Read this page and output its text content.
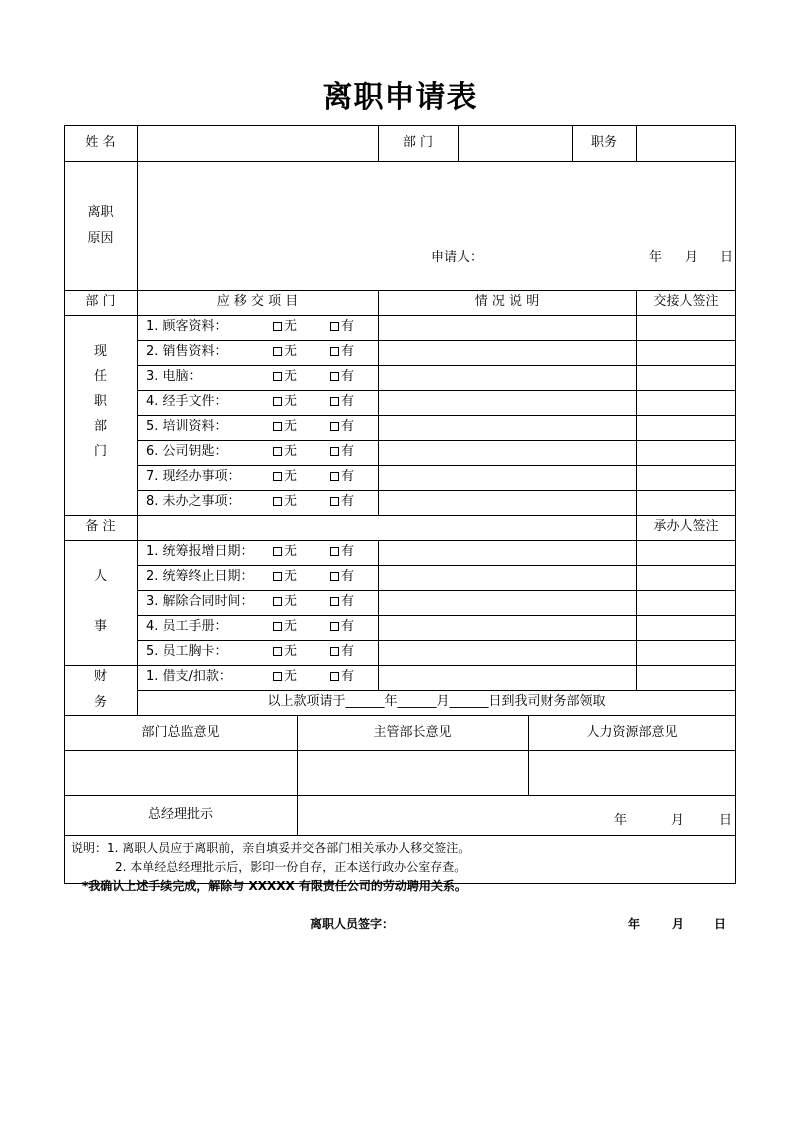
离职申请表
姓 名	部 门	职务
离职
原因
申请人：	年 月 日
部 门	应 移 交 项 目	情 况 说 明	交接人签注
现
任
职
部
门
1. 顾客资料：	无	有
2. 销售资料：	无	有
3. 电脑：	无	有
4. 经手文件：	无	有
5. 培训资料：	无	有
6. 公司钥匙：	无	有
7. 现经办事项：	无	有
8. 未办之事项：	无	有
备 注	承办人签注
人
事
1. 统筹报增日期：	无	有
2. 统筹终止日期：	无	有
3. 解除合同时间：	无	有
4. 员工手册：	无	有
5. 员工胸卡：	无	有
财
务
1. 借支/扣款：	无	有
以上款项请于______年______月______日到我司财务部领取
部门总监意见	主管部长意见	人力资源部意见
总经理批示	年	月	日
说明：1. 离职人员应于离职前，亲自填妥并交各部门相关承办人移交签注。
2. 本单经总经理批示后，影印一份自存，正本送行政办公室存查。
*我确认上述手续完成，解除与 XXXXX 有限责任公司的劳动聘用关系。
离职人员签字：	年	月 日
